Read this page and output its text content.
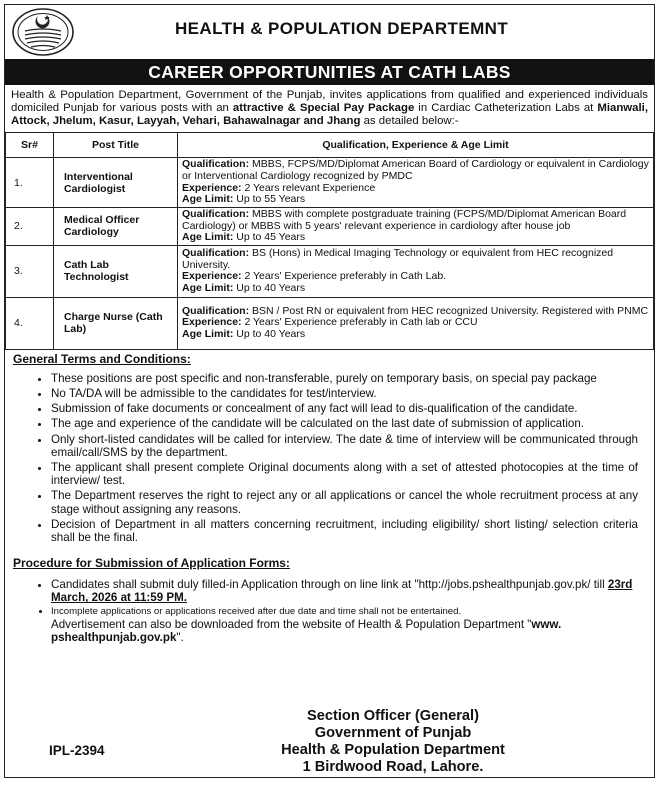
HEALTH & POPULATION DEPARTEMNT
CAREER OPPORTUNITIES AT CATH LABS
Health & Population Department, Government of the Punjab, invites applications from qualified and experienced individuals domiciled Punjab for various posts with an attractive & Special Pay Package in Cardiac Catheterization Labs at Mianwali, Attock, Jhelum, Kasur, Layyah, Vehari, Bahawalnagar and Jhang as detailed below:-
Sr#	Post Title	Qualification, Experience & Age Limit
1.	Interventional Cardiologist	Qualification: MBBS, FCPS/MD/Diplomat American Board of Cardiology or equivalent in Cardiology or Interventional Cardiology recognized by PMDC
Experience: 2 Years relevant Experience
Age Limit: Up to 55 Years
2.	Medical Officer Cardiology	Qualification: MBBS with complete postgraduate training (FCPS/MD/Diplomat American Board Cardiology) or MBBS with 5 years' relevant experience in cardiology after house job
Age Limit: Up to 45 Years
3.	Cath Lab Technologist	Qualification: BS (Hons) in Medical Imaging Technology or equivalent from HEC recognized University.
Experience: 2 Years' Experience preferably in Cath Lab.
Age Limit: Up to 40 Years
4.	Charge Nurse (Cath Lab)	Qualification: BSN / Post RN or equivalent from HEC recognized University. Registered with PNMC
Experience: 2 Years' Experience preferably in Cath lab or CCU
Age Limit: Up to 40 Years
General Terms and Conditions:
• These positions are post specific and non-transferable, purely on temporary basis, on special pay package
• No TA/DA will be admissible to the candidates for test/interview.
• Submission of fake documents or concealment of any fact will lead to dis-qualification of the candidate.
• The age and experience of the candidate will be calculated on the last date of submission of application.
• Only short-listed candidates will be called for interview. The date & time of interview will be communicated through email/call/SMS by the department.
• The applicant shall present complete Original documents along with a set of attested photocopies at the time of interview/ test.
• The Department reserves the right to reject any or all applications or cancel the whole recruitment process at any stage without assigning any reasons.
• Decision of Department in all matters concerning recruitment, including eligibility/ short listing/ selection criteria shall be the final.
Procedure for Submission of Application Forms:
• Candidates shall submit duly filled-in Application through on line link at "http://jobs.pshealthpunjab.gov.pk/ till 23rd March, 2026 at 11:59 PM.
• Incomplete applications or applications received after due date and time shall not be entertained.
Advertisement can also be downloaded from the website of Health & Population Department "www. pshealthpunjab.gov.pk".
Section Officer (General)
Government of Punjab
Health & Population Department
1 Birdwood Road, Lahore.
IPL-2394
